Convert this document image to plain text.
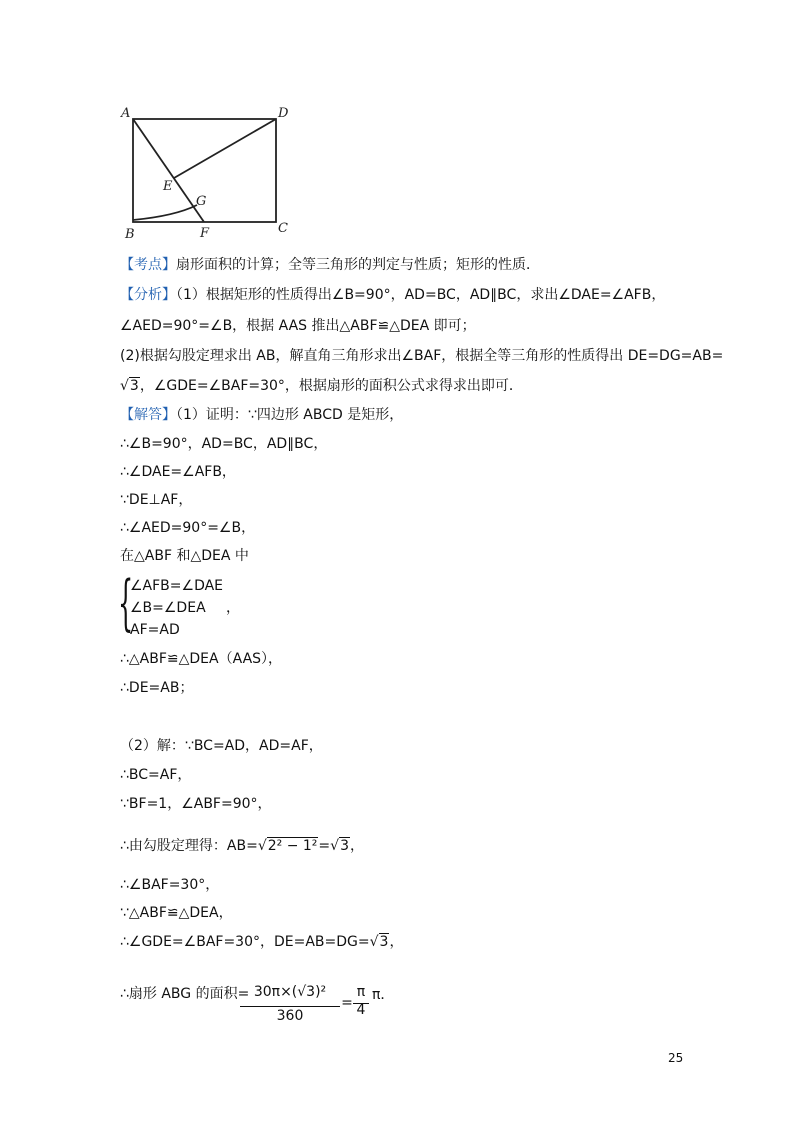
A	D
E
G
B	F	C
【考点】扇形面积的计算；全等三角形的判定与性质；矩形的性质．
【分析】（1）根据矩形的性质得出∠B=90°，AD=BC，AD∥BC，求出∠DAE=∠AFB，
∠AED=90°=∠B，根据 AAS 推出△ABF≌△DEA 即可；
(2)根据勾股定理求出 AB，解直角三角形求出∠BAF，根据全等三角形的性质得出 DE=DG=AB=
√3，∠GDE=∠BAF=30°，根据扇形的面积公式求得求出即可．
【解答】（1）证明：∵四边形 ABCD 是矩形，
∴∠B=90°，AD=BC，AD∥BC，
∴∠DAE=∠AFB，
∵DE⊥AF，
∴∠AED=90°=∠B，
在△ABF 和△DEA 中
{
∠AFB=∠DAE
∠B=∠DEA ，
AF=AD
∴△ABF≌△DEA（AAS），
∴DE=AB；
（2）解：∵BC=AD，AD=AF，
∴BC=AF，
∵BF=1，∠ABF=90°，
∴由勾股定理得：AB=√2² − 1²=√3，
∴∠BAF=30°，
∵△ABF≌△DEA，
∴∠GDE=∠BAF=30°，DE=AB=DG=√3，
∴扇形 ABG 的面积= 30π×(√3)²
360
=
π
4
π．
25
